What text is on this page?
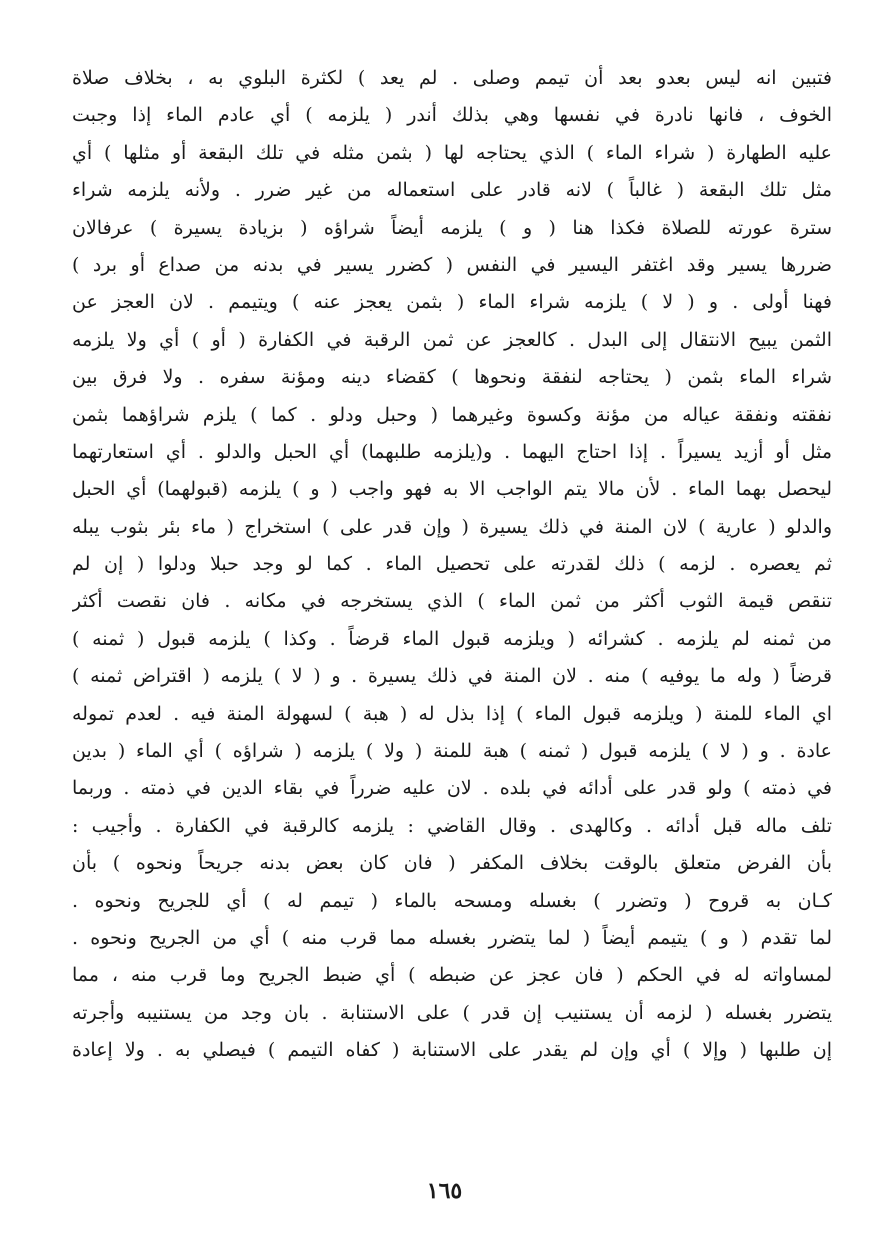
فتبين انه ليس بعدو بعد أن تيمم وصلى . لم يعد ) لكثرة البلوي به ، بخلاف صلاة
الخوف ، فانها نادرة في نفسها وهي بذلك أندر ( يلزمه ) أي عادم الماء إذا وجبت
عليه الطهارة ( شراء الماء ) الذي يحتاجه لها ( بثمن مثله في تلك البقعة أو مثلها ) أي
مثل تلك البقعة ( غالباً ) لانه قادر على استعماله من غير ضرر . ولأنه يلزمه شراء
سترة عورته للصلاة فكذا هنا ( و ) يلزمه أيضاً شراؤه ( بزيادة يسيرة ) عرفالان
ضررها يسير وقد اغتفر اليسير في النفس ( كضرر يسير في بدنه من صداع أو برد )
فهنا أولى . و ( لا ) يلزمه شراء الماء ( بثمن يعجز عنه ) ويتيمم . لان العجز عن
الثمن يبيح الانتقال إلى البدل . كالعجز عن ثمن الرقبة في الكفارة ( أو ) أي ولا يلزمه
شراء الماء بثمن ( يحتاجه لنفقة ونحوها ) كقضاء دينه ومؤنة سفره . ولا فرق بين
نفقته ونفقة عياله من مؤنة وكسوة وغيرهما ( وحبل ودلو . كما ) يلزم شراؤهما بثمن
مثل أو أزيد يسيراً . إذا احتاج اليهما . و(يلزمه طلبهما) أي الحبل والدلو . أي استعارتهما
ليحصل بهما الماء . لأن مالا يتم الواجب الا به فهو واجب ( و ) يلزمه (قبولهما) أي الحبل
والدلو ( عارية ) لان المنة في ذلك يسيرة ( وإن قدر على ) استخراج ( ماء بئر بثوب يبله
ثم يعصره . لزمه ) ذلك لقدرته على تحصيل الماء . كما لو وجد حبلا ودلوا ( إن لم
تنقص قيمة الثوب أكثر من ثمن الماء ) الذي يستخرجه في مكانه . فان نقصت أكثر
من ثمنه لم يلزمه . كشرائه ( ويلزمه قبول الماء قرضاً . وكذا ) يلزمه قبول ( ثمنه )
قرضاً ( وله ما يوفيه ) منه . لان المنة في ذلك يسيرة . و ( لا ) يلزمه ( اقتراض ثمنه )
اي الماء للمنة ( ويلزمه قبول الماء ) إذا بذل له ( هبة ) لسهولة المنة فيه . لعدم تموله
عادة . و ( لا ) يلزمه قبول ( ثمنه ) هبة للمنة ( ولا ) يلزمه ( شراؤه ) أي الماء ( بدين
في ذمته ) ولو قدر على أدائه في بلده . لان عليه ضرراً في بقاء الدين في ذمته . وربما
تلف ماله قبل أدائه . وكالهدى . وقال القاضي : يلزمه كالرقبة في الكفارة . وأجيب :
بأن الفرض متعلق بالوقت بخلاف المكفر ( فان كان بعض بدنه جريحاً ونحوه ) بأن
كـان به قروح ( وتضرر ) بغسله ومسحه بالماء ( تيمم له ) أي للجريح ونحوه .
لما تقدم ( و ) يتيمم أيضاً ( لما يتضرر بغسله مما قرب منه ) أي من الجريح ونحوه .
لمساواته له في الحكم ( فان عجز عن ضبطه ) أي ضبط الجريح وما قرب منه ، مما
يتضرر بغسله ( لزمه أن يستنيب إن قدر ) على الاستنابة . بان وجد من يستنيبه وأجرته
إن طلبها ( وإلا ) أي وإن لم يقدر على الاستنابة ( كفاه التيمم ) فيصلي به . ولا إعادة
١٦٥
